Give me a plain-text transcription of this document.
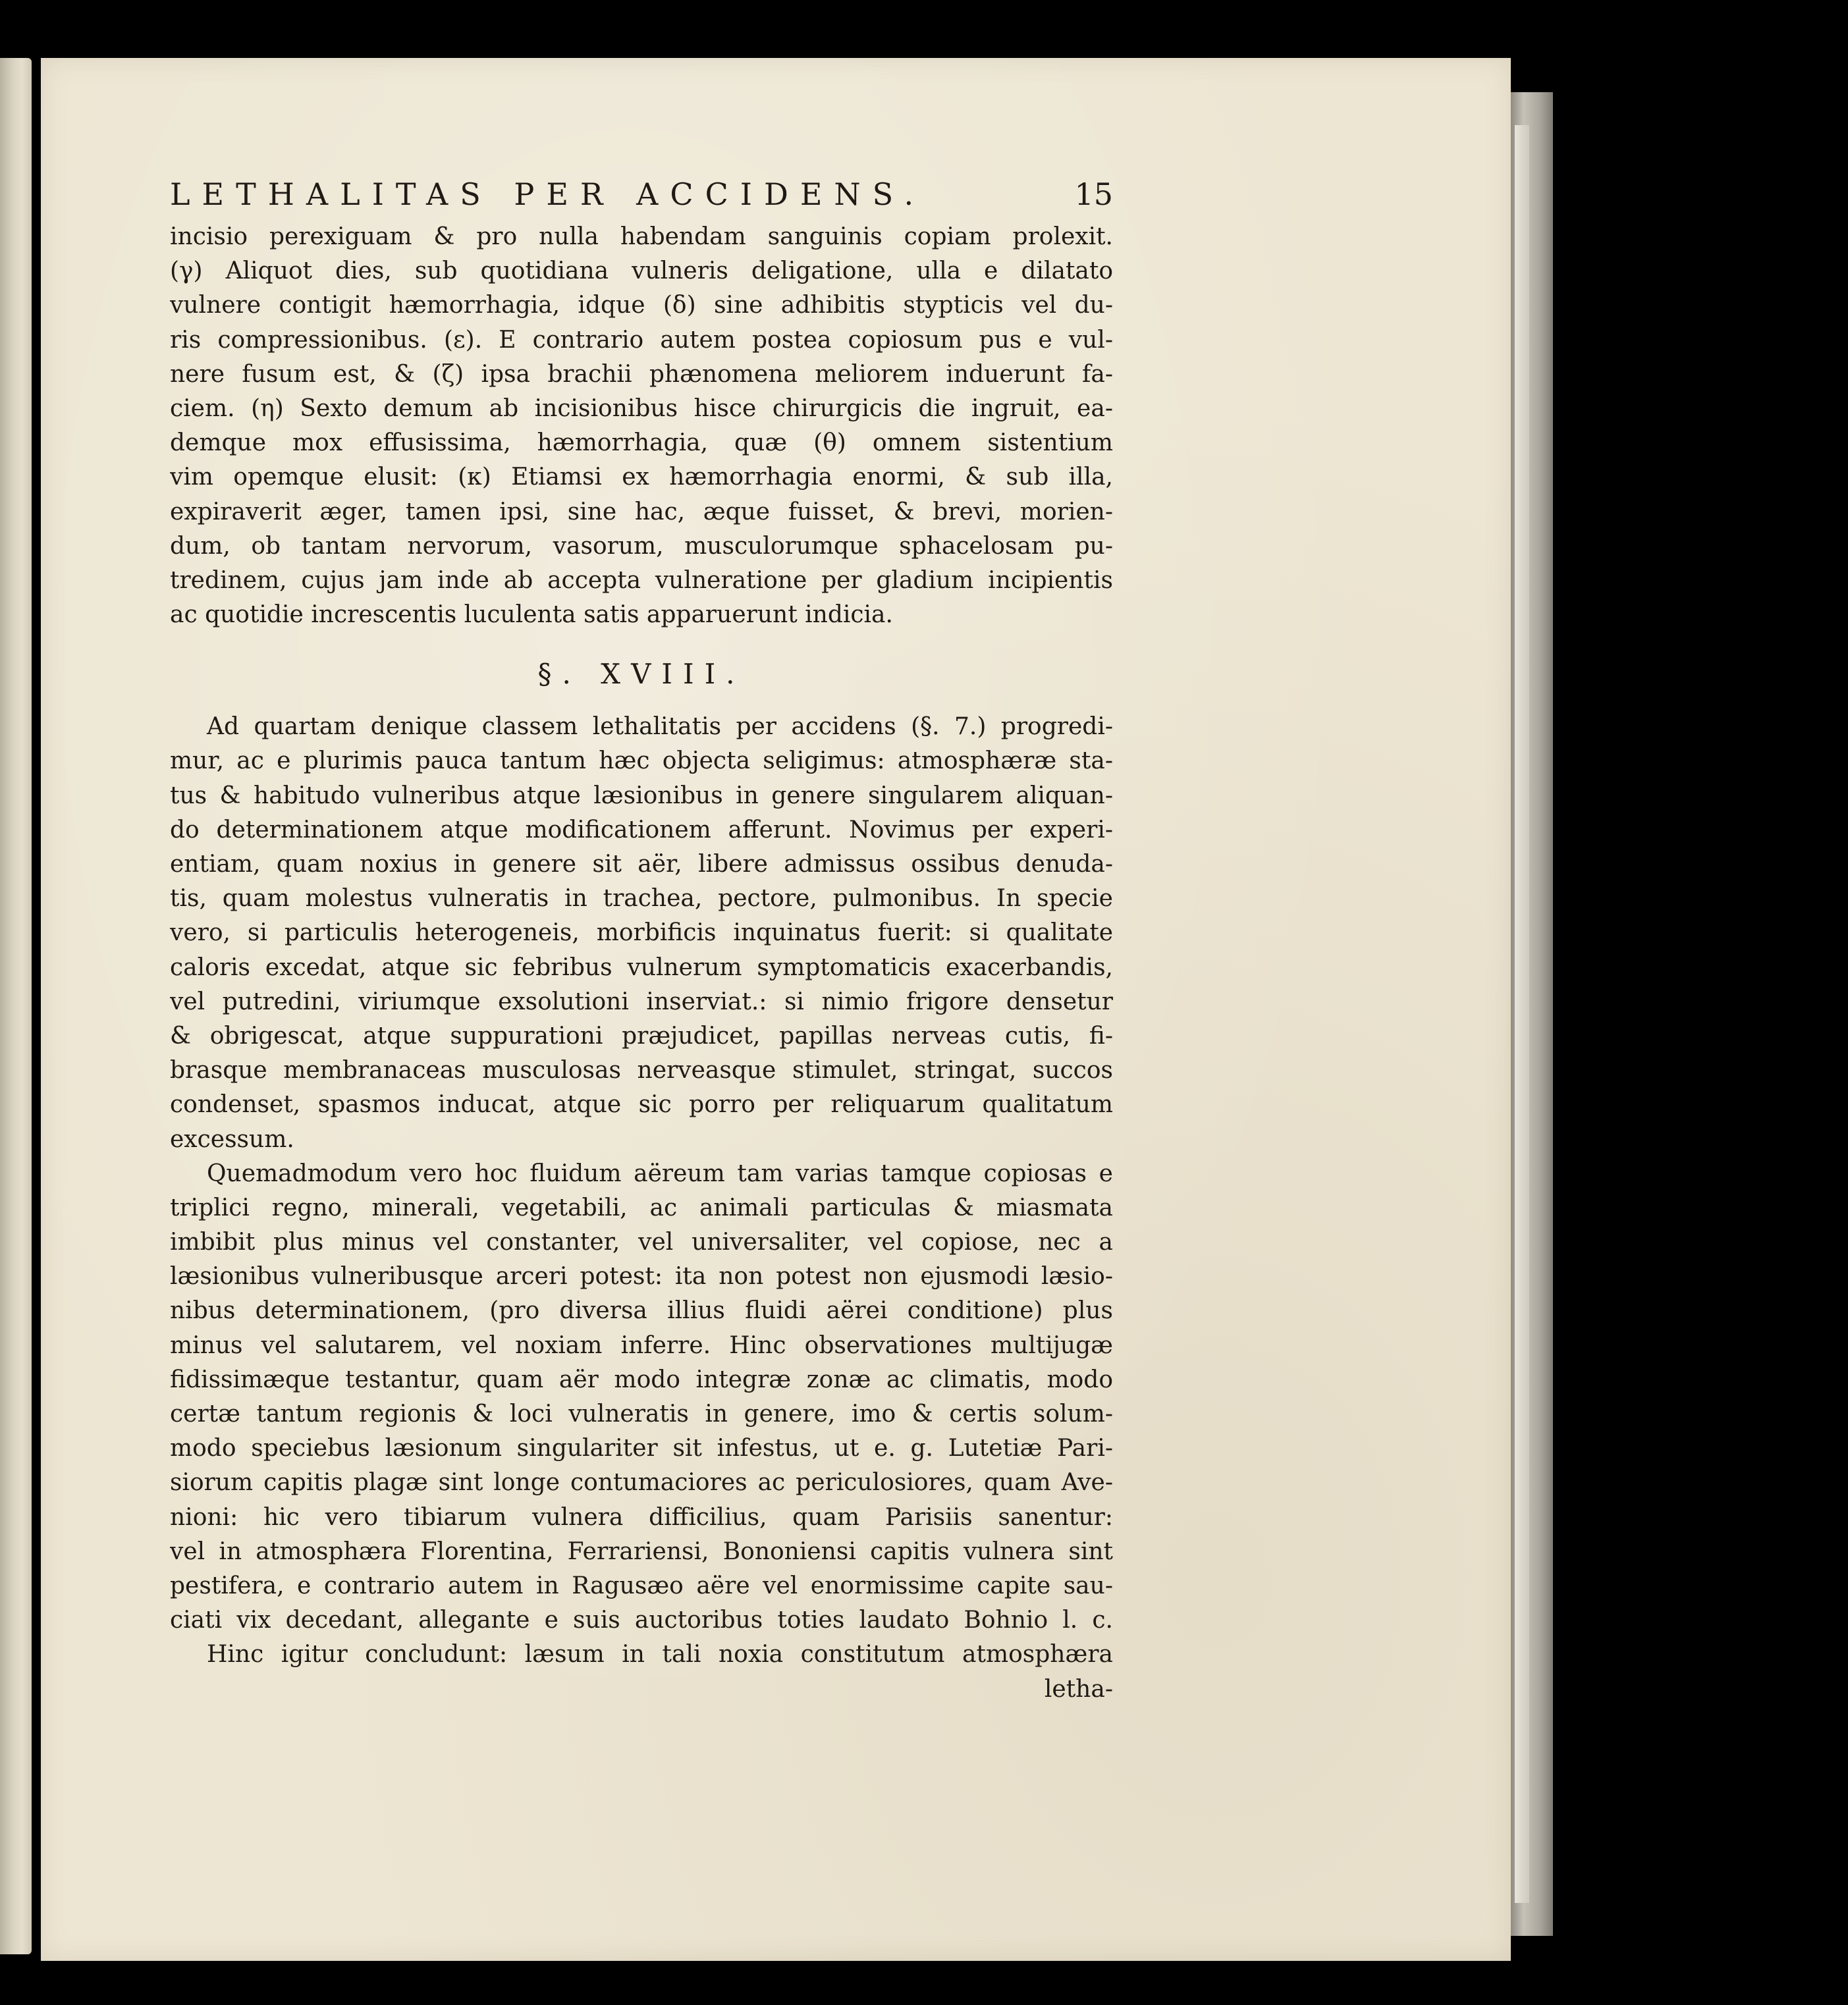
LETHALITAS PER ACCIDENS.	15
incisio perexiguam & pro nulla habendam sanguinis copiam prolexit.
(γ) Aliquot dies, sub quotidiana vulneris deligatione, ulla e dilatato
vulnere contigit hæmorrhagia, idque (δ) sine adhibitis stypticis vel du-
ris compressionibus. (ε). E contrario autem postea copiosum pus e vul-
nere fusum est, & (ζ) ipsa brachii phænomena meliorem induerunt fa-
ciem. (η) Sexto demum ab incisionibus hisce chirurgicis die ingruit, ea-
demque mox effusissima, hæmorrhagia, quæ (θ) omnem sistentium
vim opemque elusit: (κ) Etiamsi ex hæmorrhagia enormi, & sub illa,
expiraverit æger, tamen ipsi, sine hac, æque fuisset, & brevi, morien-
dum, ob tantam nervorum, vasorum, musculorumque sphacelosam pu-
tredinem, cujus jam inde ab accepta vulneratione per gladium incipientis
ac quotidie increscentis luculenta satis apparuerunt indicia.
§. XVIII.
Ad quartam denique classem lethalitatis per accidens (§. 7.) progredi-
mur, ac e plurimis pauca tantum hæc objecta seligimus: atmosphæræ sta-
tus & habitudo vulneribus atque læsionibus in genere singularem aliquan-
do determinationem atque modificationem afferunt. Novimus per experi-
entiam, quam noxius in genere sit aër, libere admissus ossibus denuda-
tis, quam molestus vulneratis in trachea, pectore, pulmonibus. In specie
vero, si particulis heterogeneis, morbificis inquinatus fuerit: si qualitate
caloris excedat, atque sic febribus vulnerum symptomaticis exacerbandis,
vel putredini, viriumque exsolutioni inserviat.: si nimio frigore densetur
& obrigescat, atque suppurationi præjudicet, papillas nerveas cutis, fi-
brasque membranaceas musculosas nerveasque stimulet, stringat, succos
condenset, spasmos inducat, atque sic porro per reliquarum qualitatum
excessum.
Quemadmodum vero hoc fluidum aëreum tam varias tamque copiosas e
triplici regno, minerali, vegetabili, ac animali particulas & miasmata
imbibit plus minus vel constanter, vel universaliter, vel copiose, nec a
læsionibus vulneribusque arceri potest: ita non potest non ejusmodi læsio-
nibus determinationem, (pro diversa illius fluidi aërei conditione) plus
minus vel salutarem, vel noxiam inferre. Hinc observationes multijugæ
fidissimæque testantur, quam aër modo integræ zonæ ac climatis, modo
certæ tantum regionis & loci vulneratis in genere, imo & certis solum-
modo speciebus læsionum singulariter sit infestus, ut e. g. Lutetiæ Pari-
siorum capitis plagæ sint longe contumaciores ac periculosiores, quam Ave-
nioni: hic vero tibiarum vulnera difficilius, quam Parisiis sanentur:
vel in atmosphæra Florentina, Ferrariensi, Bononiensi capitis vulnera sint
pestifera, e contrario autem in Ragusæo aëre vel enormissime capite sau-
ciati vix decedant, allegante e suis auctoribus toties laudato Bohnio l. c.
Hinc igitur concludunt: læsum in tali noxia constitutum atmosphæra
letha-
